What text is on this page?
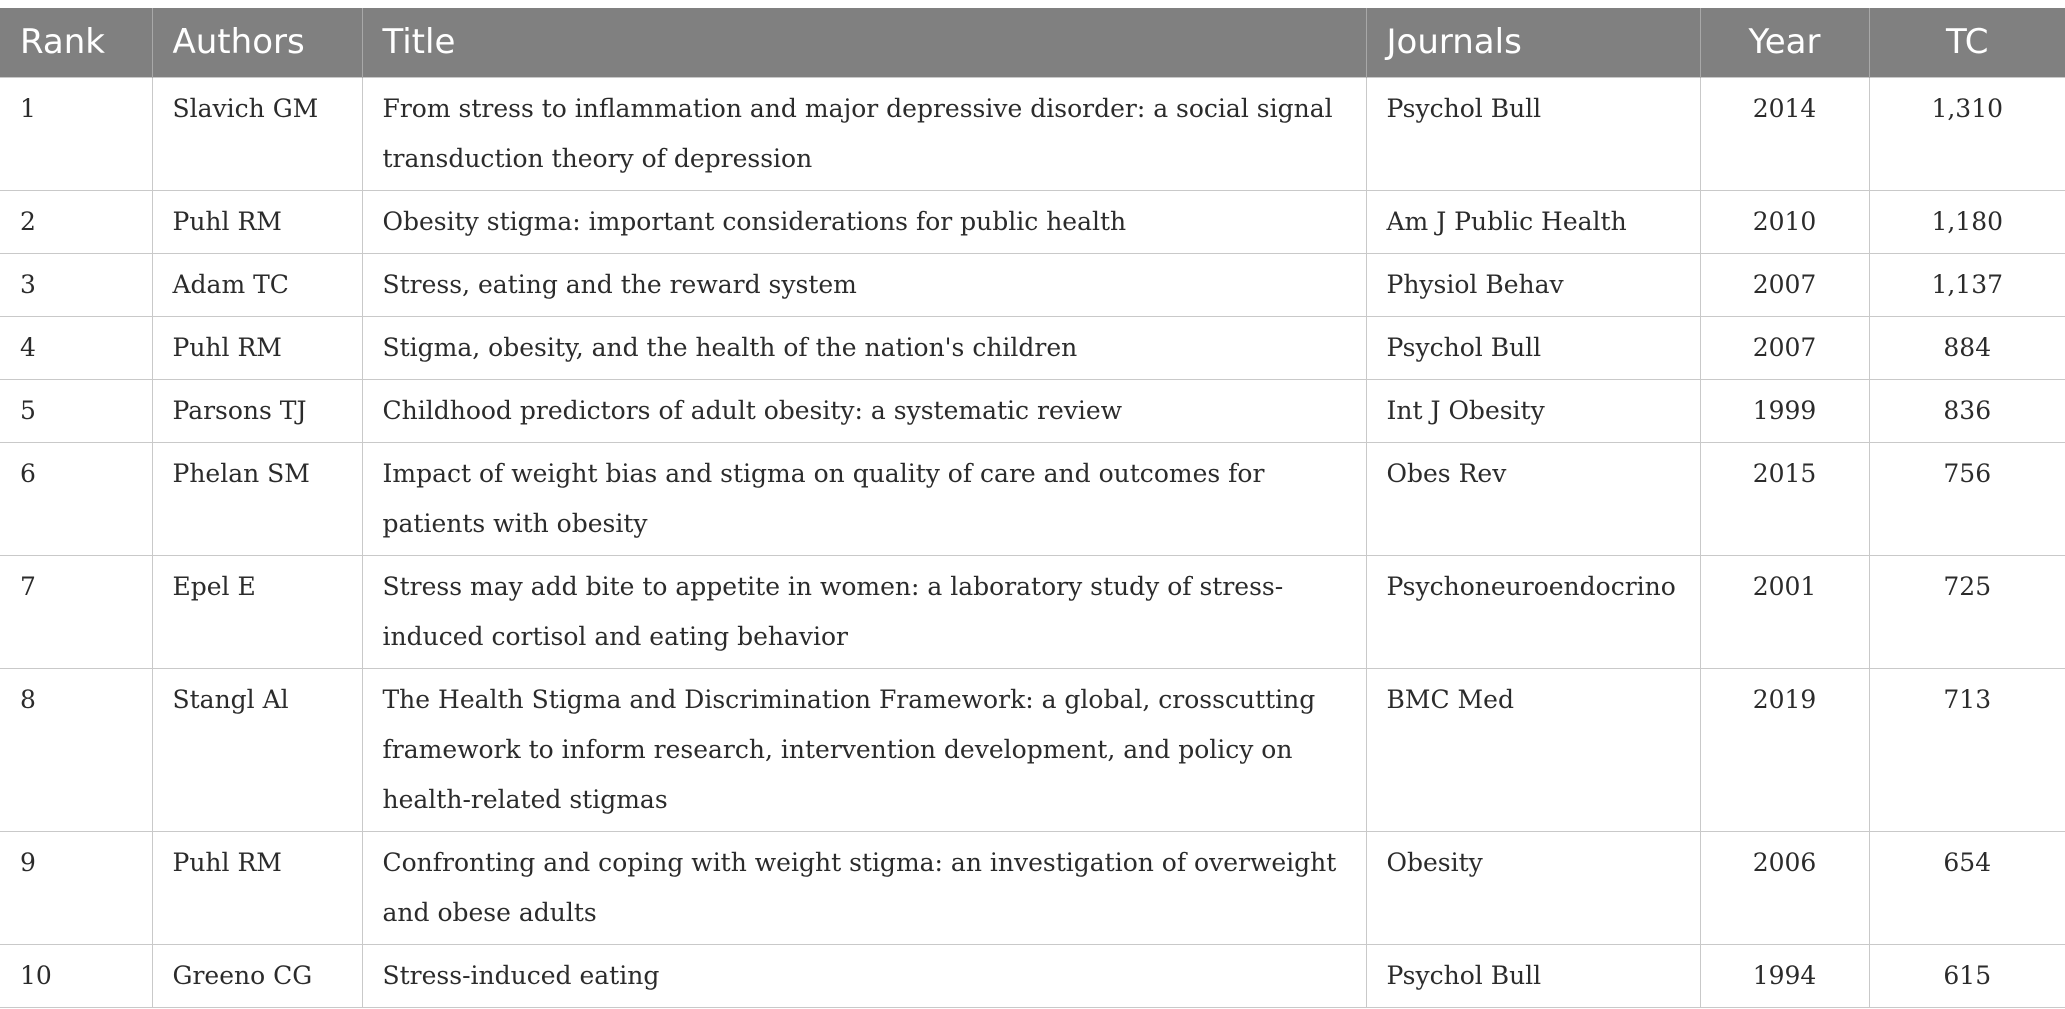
Rank	Authors	Title	Journals	Year	TC
1	Slavich GM	From stress to inflammation and major depressive disorder: a social signal transduction theory of depression	Psychol Bull	2014	1,310
2	Puhl RM	Obesity stigma: important considerations for public health	Am J Public Health	2010	1,180
3	Adam TC	Stress, eating and the reward system	Physiol Behav	2007	1,137
4	Puhl RM	Stigma, obesity, and the health of the nation's children	Psychol Bull	2007	884
5	Parsons TJ	Childhood predictors of adult obesity: a systematic review	Int J Obesity	1999	836
6	Phelan SM	Impact of weight bias and stigma on quality of care and outcomes for patients with obesity	Obes Rev	2015	756
7	Epel E	Stress may add bite to appetite in women: a laboratory study of stress-induced cortisol and eating behavior	Psychoneuroendocrino	2001	725
8	Stangl Al	The Health Stigma and Discrimination Framework: a global, crosscutting framework to inform research, intervention development, and policy on health-related stigmas	BMC Med	2019	713
9	Puhl RM	Confronting and coping with weight stigma: an investigation of overweight and obese adults	Obesity	2006	654
10	Greeno CG	Stress-induced eating	Psychol Bull	1994	615
